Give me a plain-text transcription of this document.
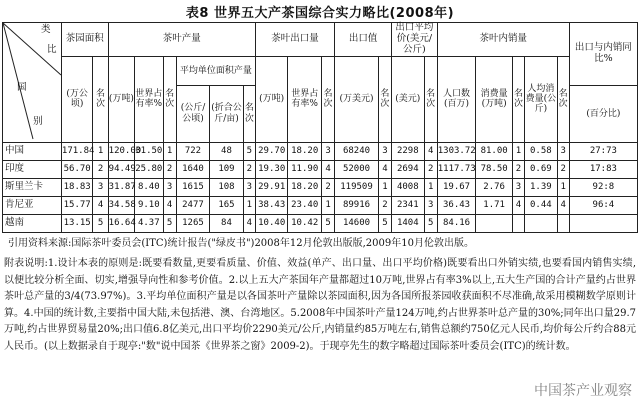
表8 世界五大产茶国综合实力略比(2008年)
类
比
国
别	茶园面积		茶叶产量						茶叶出口量			出口值		出口平均价(美元/公斤)		茶叶内销量					出口与内销同比%
	(万公顷)	名次	(万吨)	世界占有率%	名次	平均单位面积产量			(万吨)	世界占有率%	名次	(万美元)	名次	(美元)	名次	人口数(百万)	消费量(万吨)	名次	人均消费量(公斤)	名次	
						(公斤/公顷)	(折合公斤/亩)	名次													(百分比)
中国	171.84	1	120.00	31.50	1	722	48	5	29.70	18.20	3	68240	3	2298	4	1303.72	81.00	1	0.58	3	27:73
印度	56.70	2	94.49	25.80	2	1640	109	2	19.30	11.90	4	52000	4	2694	2	1117.73	78.50	2	0.69	2	17:83
斯里兰卡	18.83	3	31.87	8.40	3	1615	108	3	29.91	18.20	2	119509	1	4008	1	19.67	2.76	3	1.39	1	92:8
肯尼亚	15.77	4	34.58	9.10	4	2477	165	1	38.43	23.40	1	89916	2	2341	3	36.43	1.71	4	0.44	4	96:4
越南	13.15	5	16.64	4.37	5	1265	84	4	10.40	10.42	5	14600	5	1404	5	84.16					
引用资料来源:国际茶叶委员会(ITC)统计报告("绿皮书")2008年12月伦敦出版版,2009年10月伦敦出版。

附表说明:1.设计本表的原则是:既要看数量,更要看质量、价值、效益(单产、出口量、出口平均价格)既要看出口外销实绩,也要看国内销售实绩,以便比较分析全面、切实,增强导向性和参考价值。2.以上五大产茶国年产量都超过10万吨,世界占有率3%以上,五大生产国的合计产量约占世界茶叶总产量的3/4(73.97%)。3.平均单位面积产量是以各国茶叶产量除以茶园面积,因为各国所报茶园收获面积不尽准确,故采用模糊数学原则计算。4.中国的统计数,主要指中国大陆,未包括港、澳、台湾地区。5.2008年中国茶叶产量124万吨,约占世界茶叶总产量的30%;同年出口量29.7万吨,约占世界贸易量20%;出口值6.8亿美元,出口平均价2290美元/公斤,内销量约85万吨左右,销售总额约750亿元人民币,均价每公斤约合88元人民币。(以上数据录自于现亭:"数"说中国茶《世界茶之窗》2009-2)。于现亭先生的数字略超过国际茶叶委员会(ITC)的统计数。

中国茶产业观察
